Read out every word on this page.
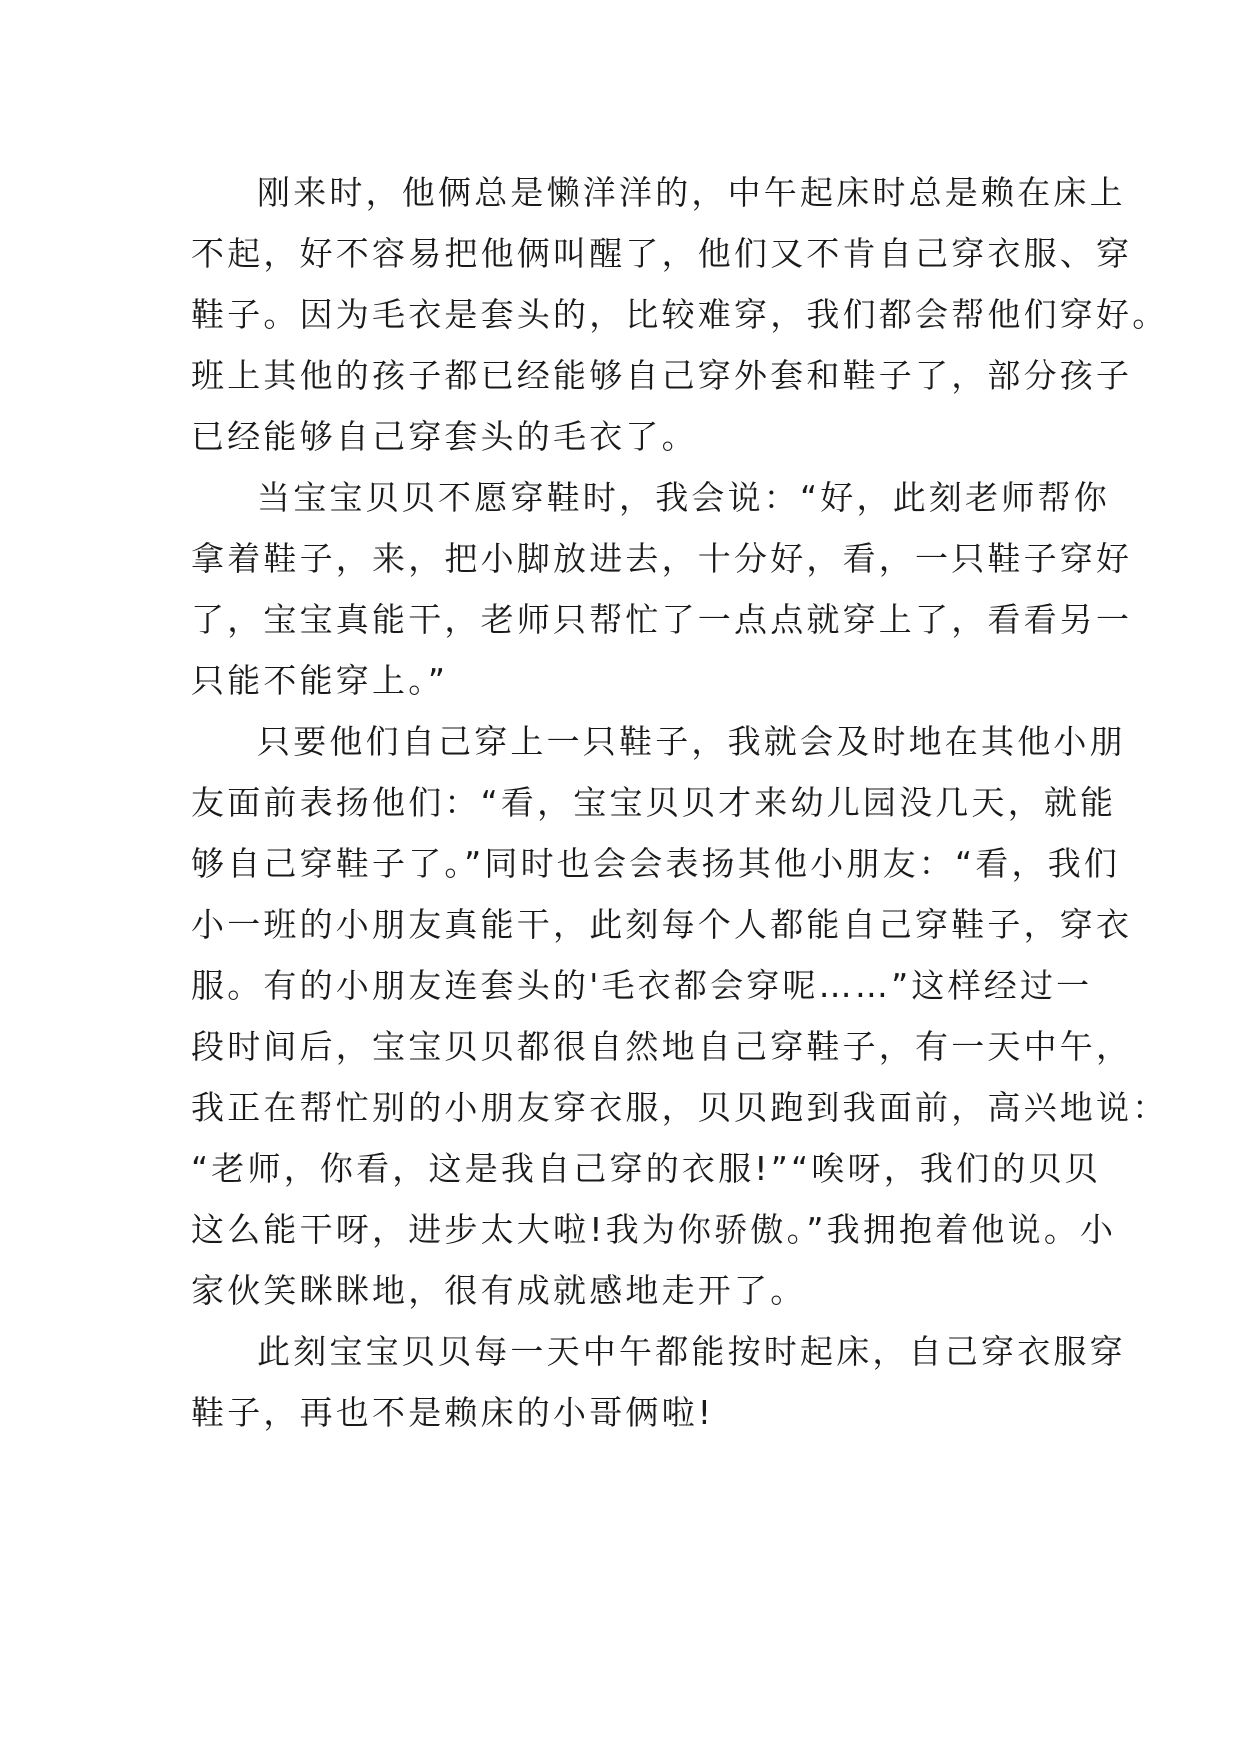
刚来时，他俩总是懒洋洋的，中午起床时总是赖在床上
不起，好不容易把他俩叫醒了，他们又不肯自己穿衣服、穿
鞋子。因为毛衣是套头的，比较难穿，我们都会帮他们穿好。
班上其他的孩子都已经能够自己穿外套和鞋子了，部分孩子
已经能够自己穿套头的毛衣了。
当宝宝贝贝不愿穿鞋时，我会说：“好，此刻老师帮你
拿着鞋子，来，把小脚放进去，十分好，看，一只鞋子穿好
了，宝宝真能干，老师只帮忙了一点点就穿上了，看看另一
只能不能穿上。”
只要他们自己穿上一只鞋子，我就会及时地在其他小朋
友面前表扬他们：“看，宝宝贝贝才来幼儿园没几天，就能
够自己穿鞋子了。”同时也会会表扬其他小朋友：“看，我们
小一班的小朋友真能干，此刻每个人都能自己穿鞋子，穿衣
服。有的小朋友连套头的'毛衣都会穿呢……”这样经过一
段时间后，宝宝贝贝都很自然地自己穿鞋子，有一天中午，
我正在帮忙别的小朋友穿衣服，贝贝跑到我面前，高兴地说：
“老师，你看，这是我自己穿的衣服!”“唉呀，我们的贝贝
这么能干呀，进步太大啦!我为你骄傲。”我拥抱着他说。小
家伙笑眯眯地，很有成就感地走开了。
此刻宝宝贝贝每一天中午都能按时起床，自己穿衣服穿
鞋子，再也不是赖床的小哥俩啦!
